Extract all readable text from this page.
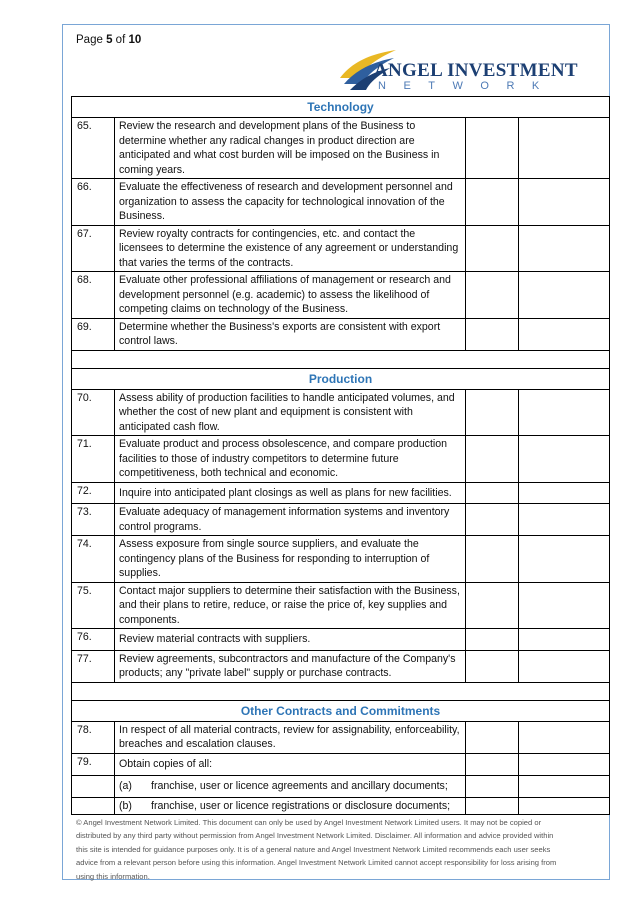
Page 5 of 10
ANGEL INVESTMENT
NETWORK
Technology			
65.	Review the research and development plans of the Business to determine whether any radical changes in product direction are anticipated and what cost burden will be imposed on the Business in coming years.		
66.	Evaluate the effectiveness of research and development personnel and organization to assess the capacity for technological innovation of the Business.		
67.	Review royalty contracts for contingencies, etc. and contact the licensees to determine the existence of any agreement or understanding that varies the terms of the contracts.		
68.	Evaluate other professional affiliations of management or research and development personnel (e.g. academic) to assess the likelihood of competing claims on technology of the Business.		
69.	Determine whether the Business's exports are consistent with export control laws.		

Production			
70.	Assess ability of production facilities to handle anticipated volumes, and whether the cost of new plant and equipment is consistent with anticipated cash flow.		
71.	Evaluate product and process obsolescence, and compare production facilities to those of industry competitors to determine future competitiveness, both technical and economic.		
72.	Inquire into anticipated plant closings as well as plans for new facilities.		
73.	Evaluate adequacy of management information systems and inventory control programs.		
74.	Assess exposure from single source suppliers, and evaluate the contingency plans of the Business for responding to interruption of supplies.		
75.	Contact major suppliers to determine their satisfaction with the Business, and their plans to retire, reduce, or raise the price of, key supplies and components.		
76.	Review material contracts with suppliers.		
77.	Review agreements, subcontractors and manufacture of the Company's products; any "private label" supply or purchase contracts.		

Other Contracts and Commitments			
78.	In respect of all material contracts, review for assignability, enforceability, breaches and escalation clauses.		
79.	Obtain copies of all:		

	(a) franchise, user or licence agreements and ancillary documents;		

	(b) franchise, user or licence registrations or disclosure documents;		

© Angel Investment Network Limited. This document can only be used by Angel Investment Network Limited users. It may not be copied or distributed by any third party without permission from Angel Investment Network Limited. Disclaimer. All information and advice provided within this site is intended for guidance purposes only. It is of a general nature and Angel Investment Network Limited recommends each user seeks advice from a relevant person before using this information. Angel Investment Network Limited cannot accept responsibility for loss arising from using this information.
